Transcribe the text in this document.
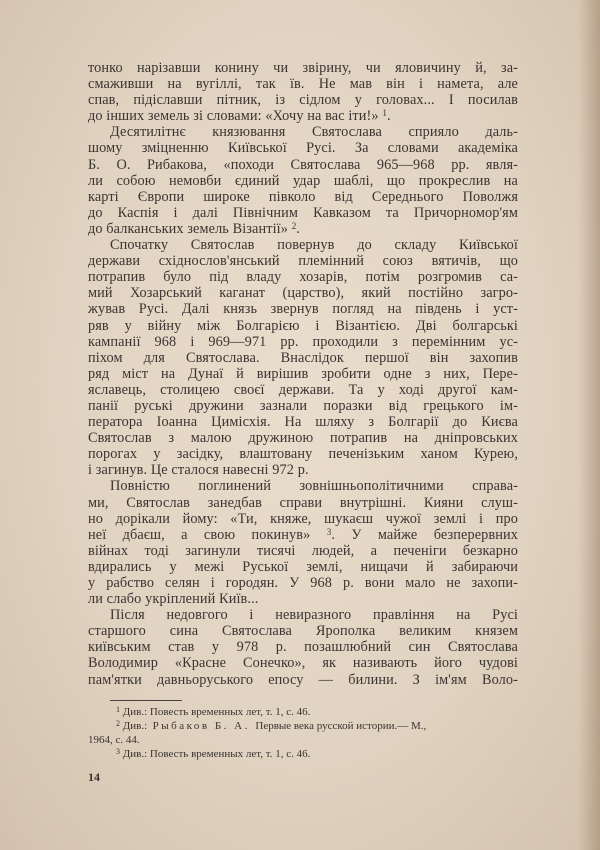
тонко нарізавши конину чи звірину, чи яловичину й, за-
смаживши на вугіллі, так їв. Не мав він і намета, але
спав, підіславши пітник, із сідлом у головах... І посилав
до інших земель зі словами: «Хочу на вас іти!» 1.
Десятилітнє князювання Святослава сприяло даль-
шому зміцненню Київської Русі. За словами академіка
Б. О. Рибакова, «походи Святослава 965—968 рр. явля-
ли собою немовби єдиний удар шаблі, що прокреслив на
карті Європи широке півколо від Середнього Поволжя
до Каспія і далі Північним Кавказом та Причорномор'ям
до балканських земель Візантії» 2.
Спочатку Святослав повернув до складу Київської
держави східнослов'янський племінний союз вятичів, що
потрапив було під владу хозарів, потім розгромив са-
мий Хозарський каганат (царство), який постійно загро-
жував Русі. Далі князь звернув погляд на південь і уст-
ряв у війну між Болгарією і Візантією. Дві болгарські
кампанії 968 і 969—971 рр. проходили з перемінним ус-
піхом для Святослава. Внаслідок першої він захопив
ряд міст на Дунаї й вирішив зробити одне з них, Пере-
яславець, столицею своєї держави. Та у ході другої кам-
панії руські дружини зазнали поразки від грецького ім-
ператора Іоанна Цимісхія. На шляху з Болгарії до Києва
Святослав з малою дружиною потрапив на дніпровських
порогах у засідку, влаштовану печенізьким ханом Курею,
і загинув. Це сталося навесні 972 р.
Повністю поглинений зовнішньополітичними справа-
ми, Святослав занедбав справи внутрішні. Кияни слуш-
но дорікали йому: «Ти, княже, шукаєш чужої землі і про
неї дбаєш, а свою покинув» 3. У майже безперервних
війнах тоді загинули тисячі людей, а печеніги безкарно
вдирались у межі Руської землі, нищачи й забираючи
у рабство селян і городян. У 968 р. вони мало не захопи-
ли слабо укріплений Київ...
Після недовгого і невиразного правління на Русі
старшого сина Святослава Ярополка великим князем
київським став у 978 р. позашлюбний син Святослава
Володимир «Красне Сонечко», як називають його чудові
пам'ятки давньоруського епосу — билини. З ім'ям Воло-
1 Див.: Повесть временных лет, т. 1, с. 46.
2 Див.: Рыбаков Б. А. Первые века русской истории.— М.,
1964, с. 44.
3 Див.: Повесть временных лет, т. 1, с. 46.
14
